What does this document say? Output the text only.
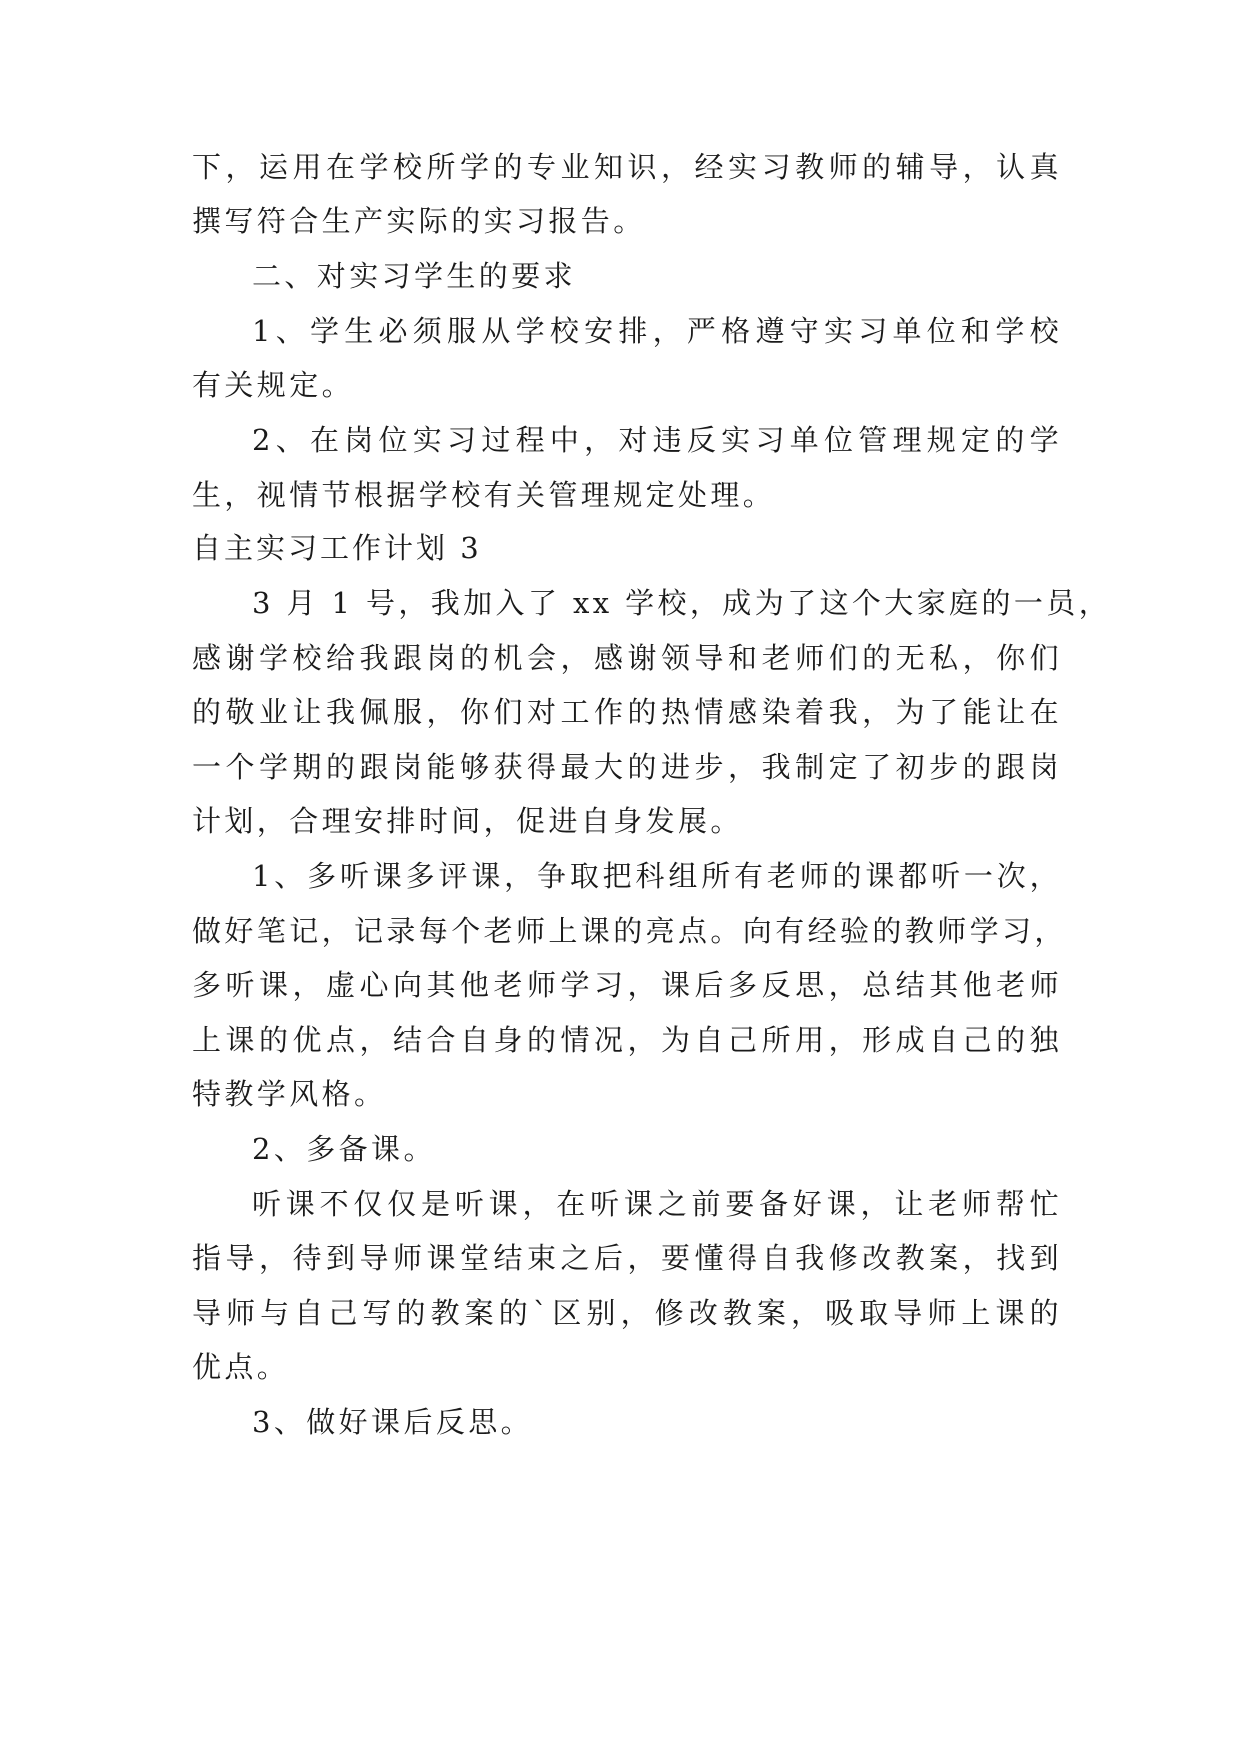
下，运用在学校所学的专业知识，经实习教师的辅导，认真
撰写符合生产实际的实习报告。
二、对实习学生的要求
1、学生必须服从学校安排，严格遵守实习单位和学校
有关规定。
2、在岗位实习过程中，对违反实习单位管理规定的学
生，视情节根据学校有关管理规定处理。
自主实习工作计划 3
3 月 1 号，我加入了 xx 学校，成为了这个大家庭的一员，
感谢学校给我跟岗的机会，感谢领导和老师们的无私，你们
的敬业让我佩服，你们对工作的热情感染着我，为了能让在
一个学期的跟岗能够获得最大的进步，我制定了初步的跟岗
计划，合理安排时间，促进自身发展。
1、多听课多评课，争取把科组所有老师的课都听一次，
做好笔记，记录每个老师上课的亮点。向有经验的教师学习，
多听课，虚心向其他老师学习，课后多反思，总结其他老师
上课的优点，结合自身的情况，为自己所用，形成自己的独
特教学风格。
2、多备课。
听课不仅仅是听课，在听课之前要备好课，让老师帮忙
指导，待到导师课堂结束之后，要懂得自我修改教案，找到
导师与自己写的教案的`区别，修改教案，吸取导师上课的
优点。
3、做好课后反思。
